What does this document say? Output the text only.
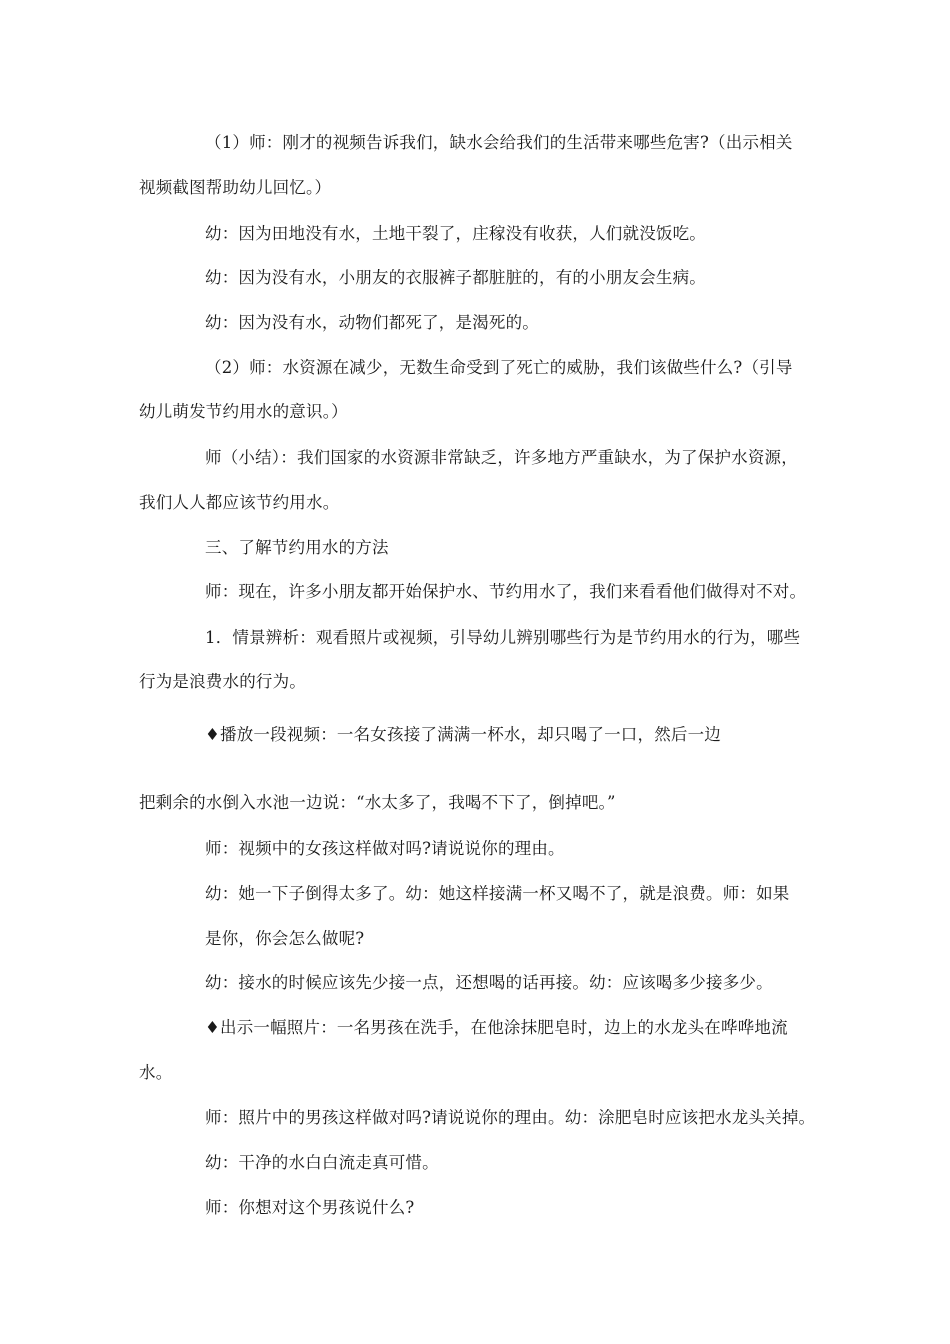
（1）师：刚才的视频告诉我们，缺水会给我们的生活带来哪些危害?（出示相关
视频截图帮助幼儿回忆。）
幼：因为田地没有水，土地干裂了，庄稼没有收获，人们就没饭吃。
幼：因为没有水，小朋友的衣服裤子都脏脏的，有的小朋友会生病。
幼：因为没有水，动物们都死了，是渴死的。
（2）师：水资源在减少，无数生命受到了死亡的威胁，我们该做些什么?（引导
幼儿萌发节约用水的意识。）
师（小结）：我们国家的水资源非常缺乏，许多地方严重缺水，为了保护水资源，
我们人人都应该节约用水。
三、了解节约用水的方法
师：现在，许多小朋友都开始保护水、节约用水了，我们来看看他们做得对不对。
1．情景辨析：观看照片或视频，引导幼儿辨别哪些行为是节约用水的行为，哪些
行为是浪费水的行为。
♦播放一段视频：一名女孩接了满满一杯水，却只喝了一口，然后一边
把剩余的水倒入水池一边说：“水太多了，我喝不下了，倒掉吧。”
师：视频中的女孩这样做对吗?请说说你的理由。
幼：她一下子倒得太多了。幼：她这样接满一杯又喝不了，就是浪费。师：如果
是你，你会怎么做呢?
幼：接水的时候应该先少接一点，还想喝的话再接。幼：应该喝多少接多少。
♦出示一幅照片：一名男孩在洗手，在他涂抹肥皂时，边上的水龙头在哗哗地流
水。
师：照片中的男孩这样做对吗?请说说你的理由。幼：涂肥皂时应该把水龙头关掉。
幼：干净的水白白流走真可惜。
师：你想对这个男孩说什么?
